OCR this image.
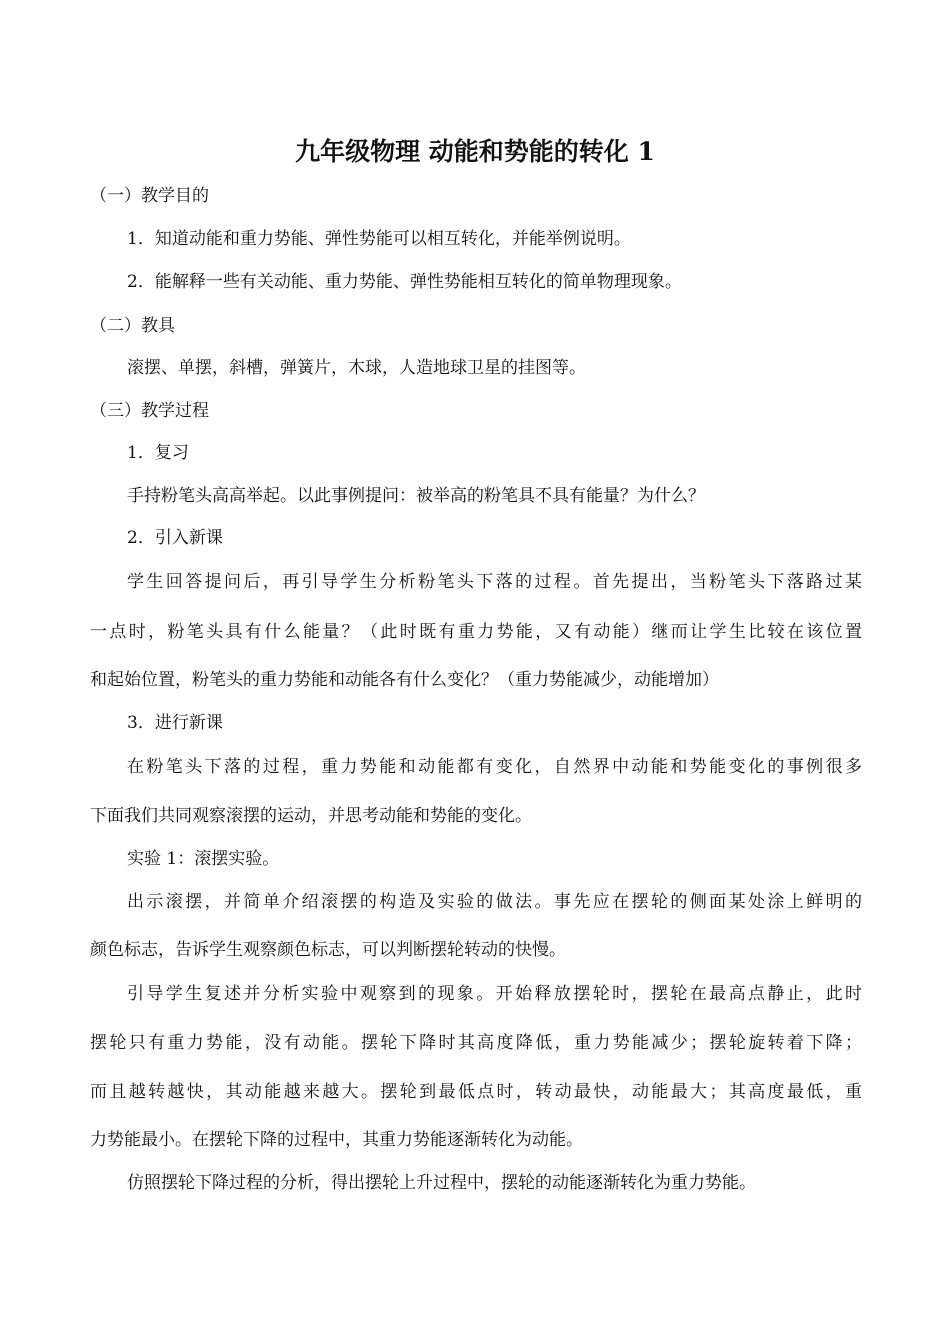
九年级物理 动能和势能的转化 1
（一）教学目的
1．知道动能和重力势能、弹性势能可以相互转化，并能举例说明。
2．能解释一些有关动能、重力势能、弹性势能相互转化的简单物理现象。
（二）教具
滚摆、单摆，斜槽，弹簧片，木球，人造地球卫星的挂图等。
（三）教学过程
1．复习
手持粉笔头高高举起。以此事例提问：被举高的粉笔具不具有能量？为什么？
2．引入新课
学生回答提问后，再引导学生分析粉笔头下落的过程。首先提出，当粉笔头下落路过某
一点时，粉笔头具有什么能量？（此时既有重力势能，又有动能）继而让学生比较在该位置
和起始位置，粉笔头的重力势能和动能各有什么变化？（重力势能减少，动能增加）
3．进行新课
在粉笔头下落的过程，重力势能和动能都有变化，自然界中动能和势能变化的事例很多
下面我们共同观察滚摆的运动，并思考动能和势能的变化。
实验 1：滚摆实验。
出示滚摆，并简单介绍滚摆的构造及实验的做法。事先应在摆轮的侧面某处涂上鲜明的
颜色标志，告诉学生观察颜色标志，可以判断摆轮转动的快慢。
引导学生复述并分析实验中观察到的现象。开始释放摆轮时，摆轮在最高点静止，此时
摆轮只有重力势能，没有动能。摆轮下降时其高度降低，重力势能减少；摆轮旋转着下降；
而且越转越快，其动能越来越大。摆轮到最低点时，转动最快，动能最大；其高度最低，重
力势能最小。在摆轮下降的过程中，其重力势能逐渐转化为动能。
仿照摆轮下降过程的分析，得出摆轮上升过程中，摆轮的动能逐渐转化为重力势能。
